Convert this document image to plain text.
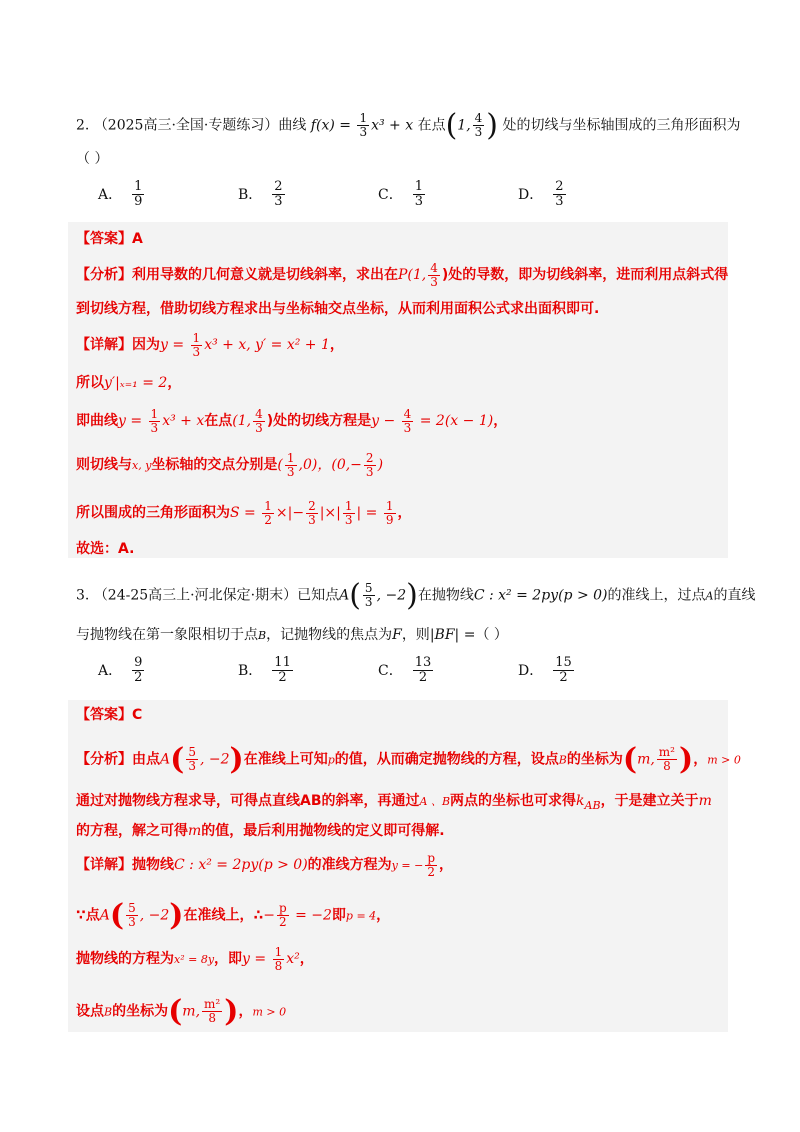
2. （2025高三·全国·专题练习）曲线 $f(x) = \frac{1}{3} x^3 + x$ 在点(1, $\frac{4}{3}$ ) 处的切线与坐标轴围成的三角形面积为
（ ）
A． $\frac{1}{9}$	B． $\frac{2}{3}$	C． $\frac{1}{3}$	D． $\frac{2}{3}$
【答案】A
【分析】利用导数的几何意义就是切线斜率，求出在P(1, $\frac{4}{3}$ )处的导数，即为切线斜率，进而利用点斜式得
到切线方程，借助切线方程求出与坐标轴交点坐标，从而利用面积公式求出面积即可.
【详解】因为$y = \frac{1}{3} x^3 + x$, y′ = x² + 1，
所以y′|ₓ₌₁ = 2，
即曲线$y = \frac{1}{3} x^3 + x$在点(1, $\frac{4}{3}$ )处的切线方程是$y - \frac{4}{3} = 2(x - 1)$，
则切线与x, y坐标轴的交点分别是( $\frac{1}{3} ,0$)，($0,- \frac{2}{3}$ )
所以围成的三角形面积为$S = \frac{1}{2}$ ×|− $\frac{2}{3}$ |×| $\frac{1}{3}$ | = $\frac{1}{9}$ ，
故选：A.
3. （24-25高三上·河北保定·期末）已知点$A( \frac{5}{3}$ , −2)在抛物线C : x² = 2py(p > 0)的准线上，过点A的直线
与抛物线在第一象限相切于点B，记抛物线的焦点为F，则|BF| =（ ）
A． $\frac{9}{2}$	B． $\frac{11}{2}$	C． $\frac{13}{2}$	D． $\frac{15}{2}$
【答案】C
【分析】由点$A( \frac{5}{3}$ , −2)在准线上可知p的值，从而确定抛物线的方程，设点B的坐标为(m, $\frac{\text{m²}}{8}$ )，m > 0
通过对抛物线方程求导，可得点直线AB的斜率，再通过A 、B两点的坐标也可求得$k_{AB}$，于是建立关于m
的方程，解之可得m的值，最后利用抛物线的定义即可得解.
【详解】抛物线C : x² = 2py(p > 0)的准线方程为y = − $\frac{p}{2}$ ，
∵点$A( \frac{5}{3}$ , −2)在准线上，∴− $\frac{p}{2} = -2$即p = 4，
抛物线的方程为x² = 8y，即$y = \frac{1}{8} x^2$，
设点B的坐标为(m, $\frac{\text{m²}}{8}$ )，m > 0
